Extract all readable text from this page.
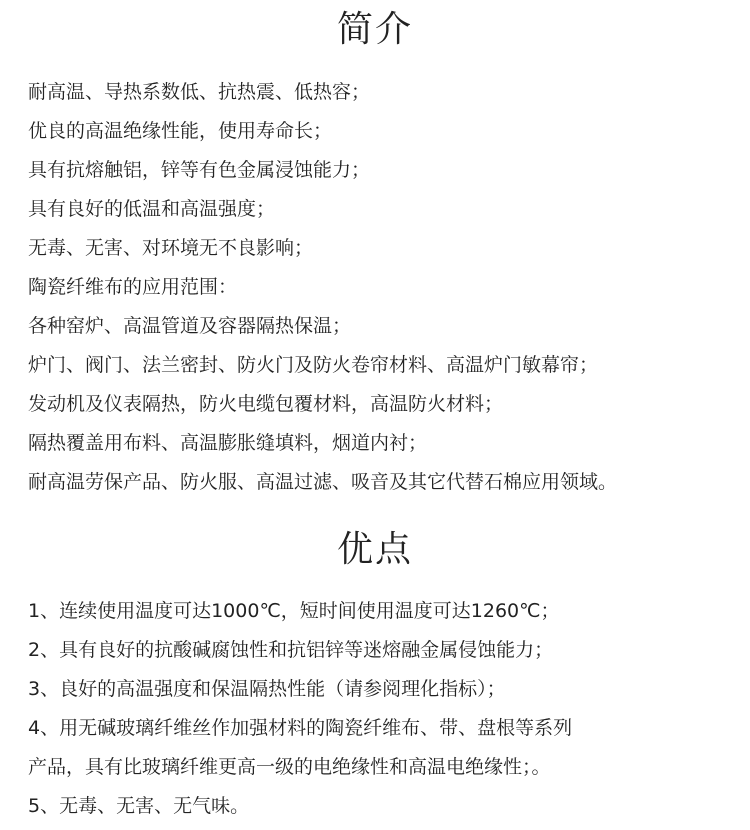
简介

耐高温、导热系数低、抗热震、低热容；

优良的高温绝缘性能，使用寿命长；

具有抗熔触铝，锌等有色金属浸蚀能力；

具有良好的低温和高温强度；

无毒、无害、对环境无不良影响；

陶瓷纤维布的应用范围：

各种窑炉、高温管道及容器隔热保温；

炉门、阀门、法兰密封、防火门及防火卷帘材料、高温炉门敏幕帘；

发动机及仪表隔热，防火电缆包覆材料，高温防火材料；

隔热覆盖用布料、高温膨胀缝填料，烟道内衬；

耐高温劳保产品、防火服、高温过滤、吸音及其它代替石棉应用领域。

优点

1、连续使用温度可达1000℃，短时间使用温度可达1260℃；

2、具有良好的抗酸碱腐蚀性和抗铝锌等迷熔融金属侵蚀能力；

3、良好的高温强度和保温隔热性能（请参阅理化指标）；

4、用无碱玻璃纤维丝作加强材料的陶瓷纤维布、带、盘根等系列

产品，具有比玻璃纤维更高一级的电绝缘性和高温电绝缘性；。

5、无毒、无害、无气味。
